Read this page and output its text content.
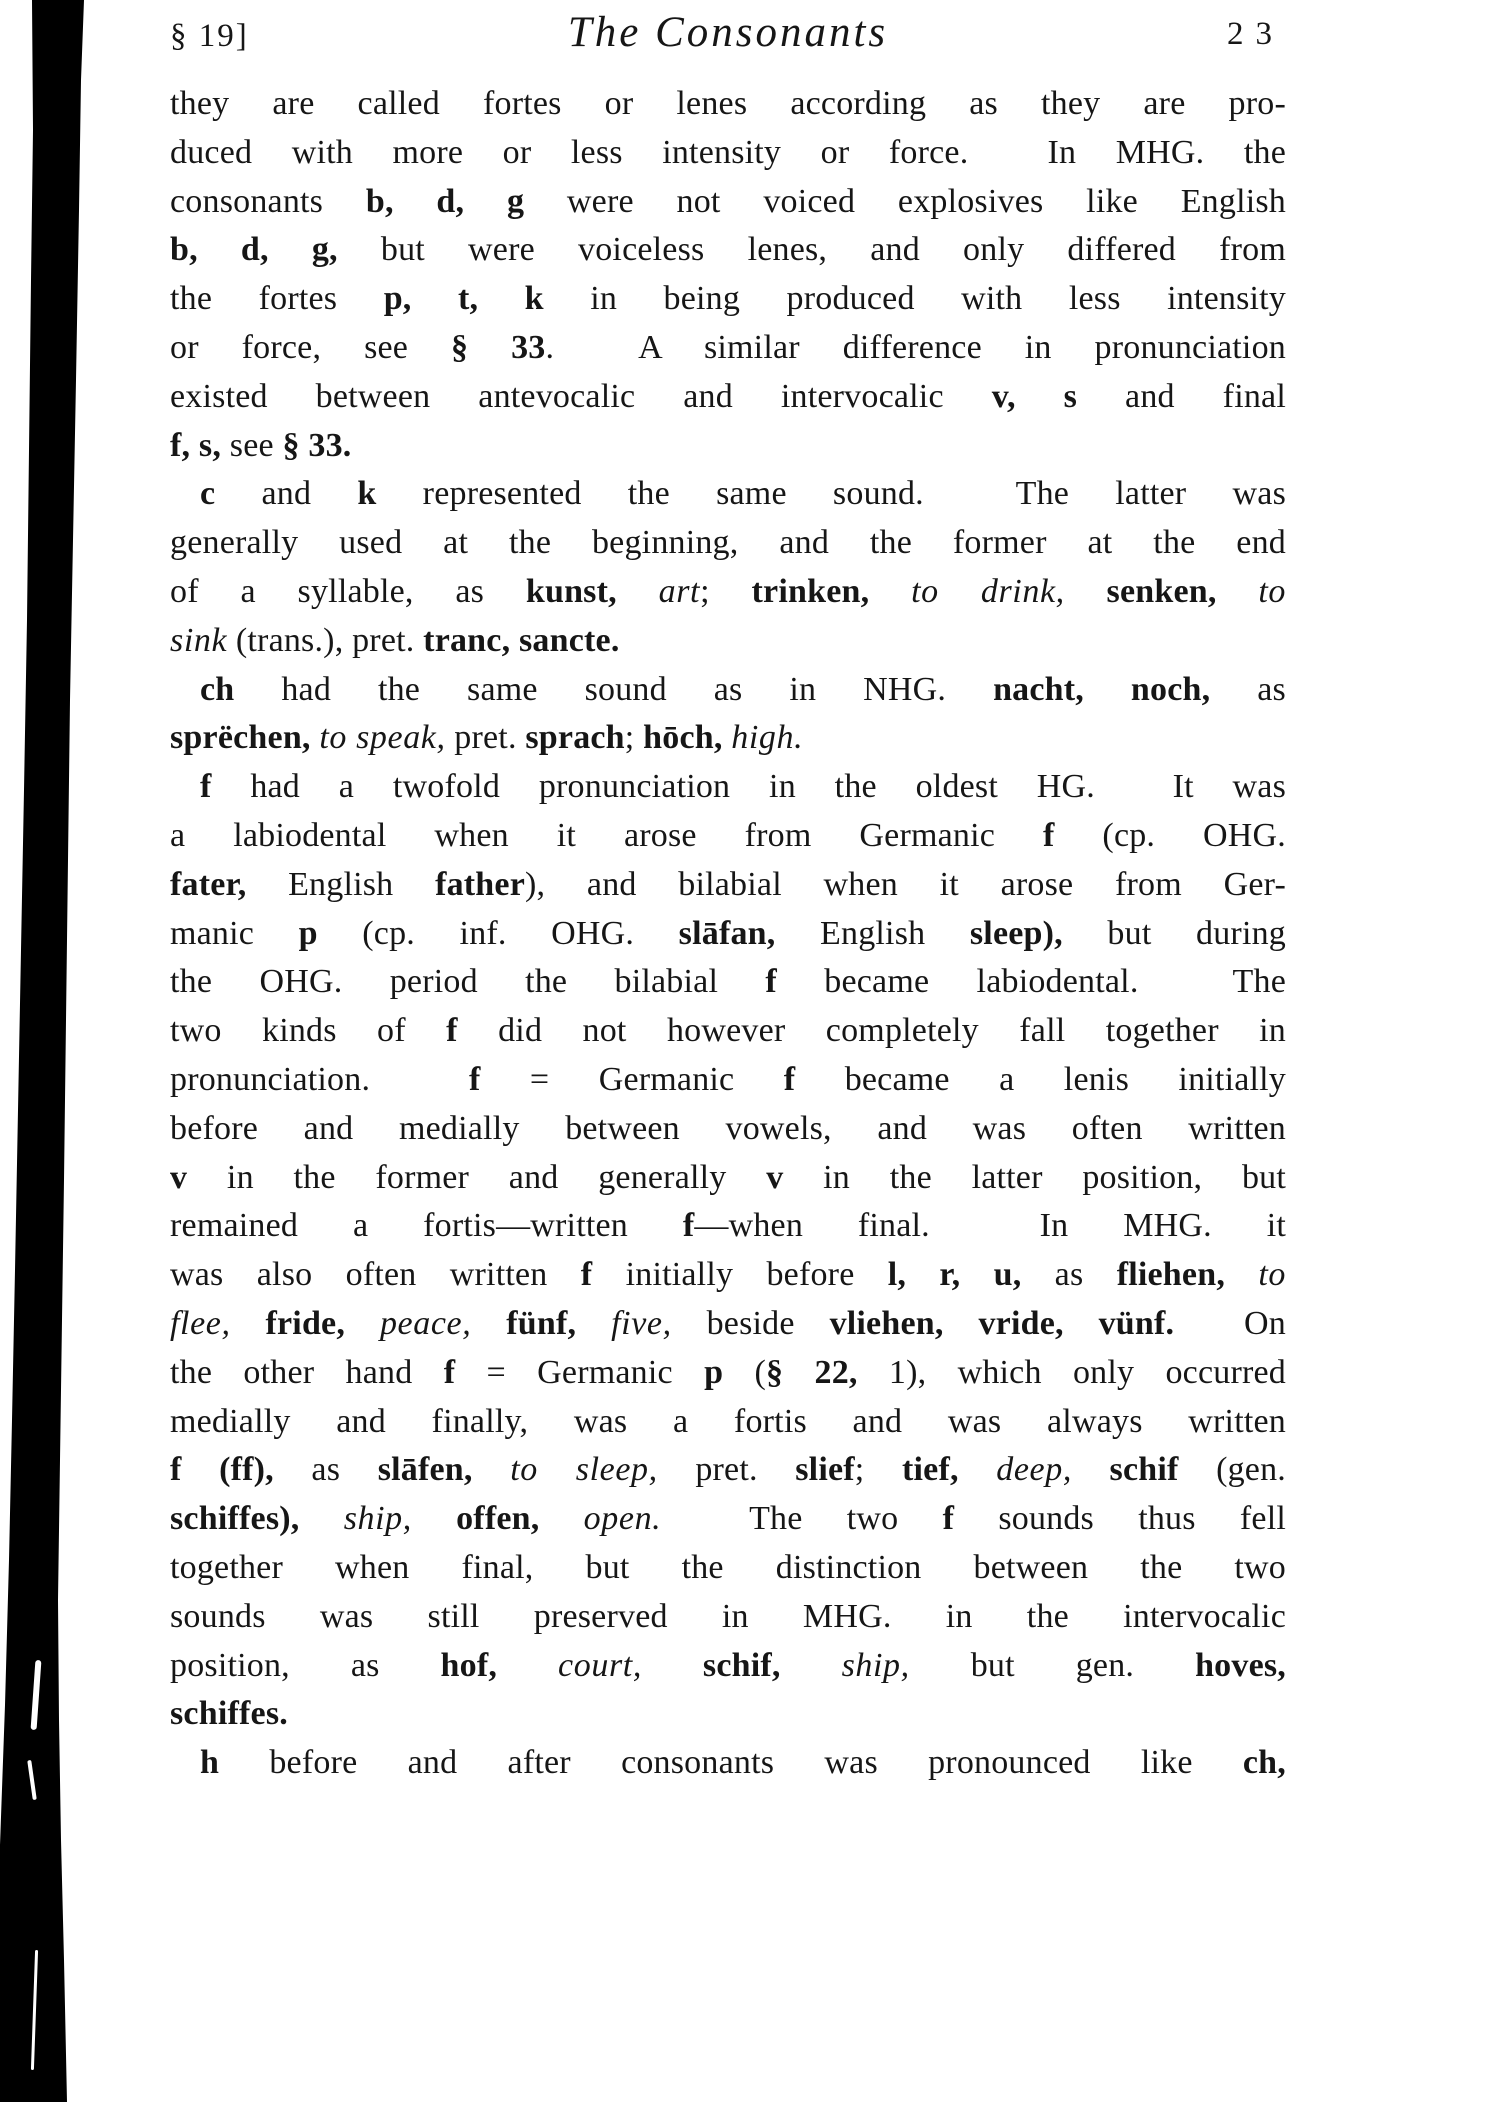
§ 19]	The Consonants	23
they are called fortes or lenes according as they are pro-
duced with more or less intensity or force.  In MHG. the
consonants b, d, g were not voiced explosives like English
b, d, g, but were voiceless lenes, and only differed from
the fortes p, t, k in being produced with less intensity
or force, see § 33.  A similar difference in pronunciation
existed between antevocalic and intervocalic v, s and final
f, s, see § 33.
c and k represented the same sound.  The latter was
generally used at the beginning, and the former at the end
of a syllable, as kunst, art; trinken, to drink, senken, to
sink (trans.), pret. tranc, sancte.
ch had the same sound as in NHG. nacht, noch, as
sprëchen, to speak, pret. sprach; hōch, high.
f had a twofold pronunciation in the oldest HG.  It was
a labiodental when it arose from Germanic f (cp. OHG.
fater, English father), and bilabial when it arose from Ger-
manic p (cp. inf. OHG. slāfan, English sleep), but during
the OHG. period the bilabial f became labiodental.  The
two kinds of f did not however completely fall together in
pronunciation.  f = Germanic f became a lenis initially
before and medially between vowels, and was often written
v in the former and generally v in the latter position, but
remained a fortis—written f—when final.  In MHG. it
was also often written f initially before l, r, u, as fliehen, to
flee, fride, peace, fünf, five, beside vliehen, vride, vünf.  On
the other hand f = Germanic p (§ 22, 1), which only occurred
medially and finally, was a fortis and was always written
f (ff), as slāfen, to sleep, pret. slief; tief, deep, schif (gen.
schiffes), ship, offen, open.  The two f sounds thus fell
together when final, but the distinction between the two
sounds was still preserved in MHG. in the intervocalic
position, as hof, court, schif, ship, but gen. hoves,
schiffes.
h before and after consonants was pronounced like ch,
